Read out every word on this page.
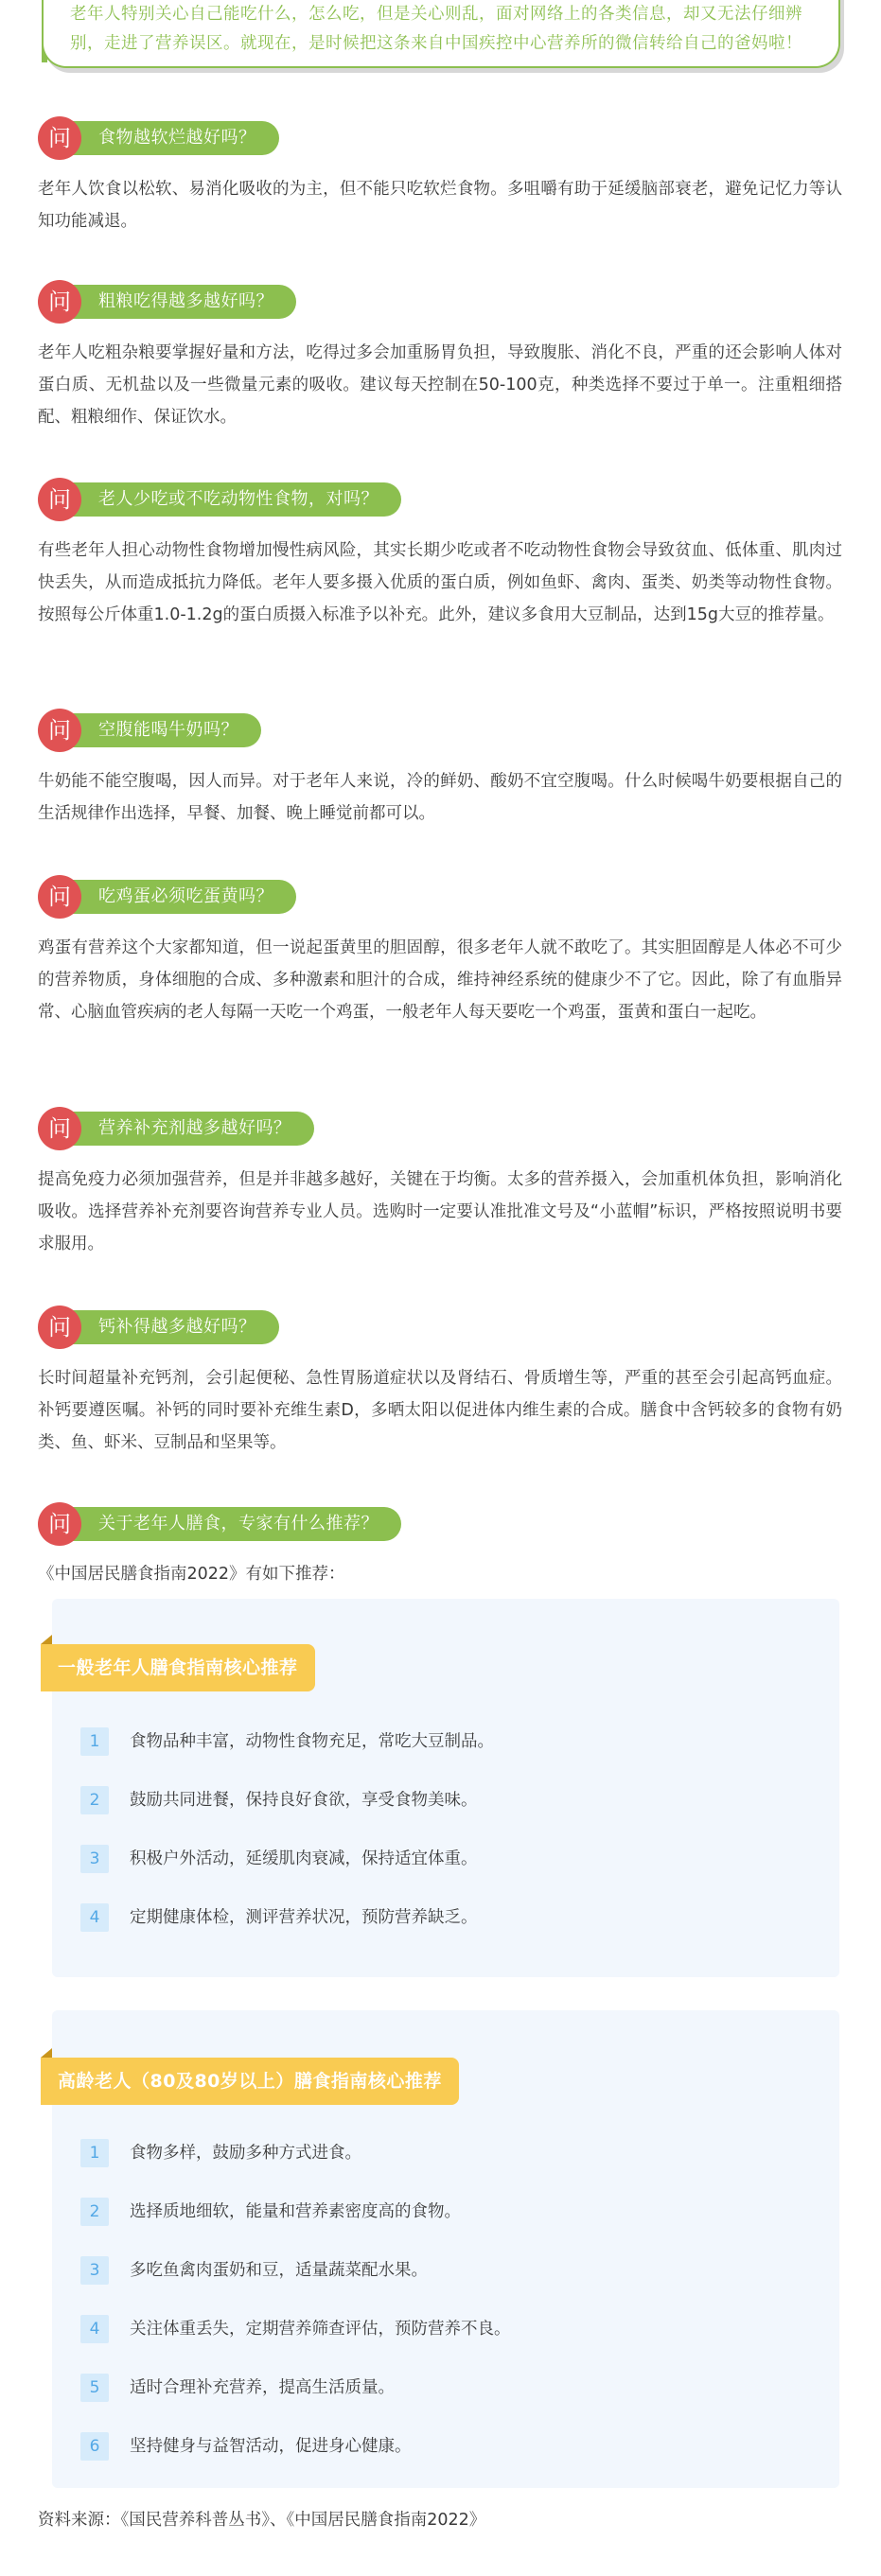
老年人特别关心自己能吃什么，怎么吃，但是关心则乱，面对网络上的各类信息，却又无法仔细辨别，走进了营养误区。就现在，是时候把这条来自中国疾控中心营养所的微信转给自己的爸妈啦！

问	食物越软烂越好吗？

老年人饮食以松软、易消化吸收的为主，但不能只吃软烂食物。多咀嚼有助于延缓脑部衰老，避免记忆力等认知功能减退。

问	粗粮吃得越多越好吗？

老年人吃粗杂粮要掌握好量和方法，吃得过多会加重肠胃负担，导致腹胀、消化不良，严重的还会影响人体对蛋白质、无机盐以及一些微量元素的吸收。建议每天控制在50-100克，种类选择不要过于单一。注重粗细搭配、粗粮细作、保证饮水。

问	老人少吃或不吃动物性食物，对吗？

有些老年人担心动物性食物增加慢性病风险，其实长期少吃或者不吃动物性食物会导致贫血、低体重、肌肉过快丢失，从而造成抵抗力降低。老年人要多摄入优质的蛋白质，例如鱼虾、禽肉、蛋类、奶类等动物性食物。按照每公斤体重1.0-1.2g的蛋白质摄入标准予以补充。此外，建议多食用大豆制品，达到15g大豆的推荐量。

问	空腹能喝牛奶吗？

牛奶能不能空腹喝，因人而异。对于老年人来说，冷的鲜奶、酸奶不宜空腹喝。什么时候喝牛奶要根据自己的生活规律作出选择，早餐、加餐、晚上睡觉前都可以。

问	吃鸡蛋必须吃蛋黄吗？

鸡蛋有营养这个大家都知道，但一说起蛋黄里的胆固醇，很多老年人就不敢吃了。其实胆固醇是人体必不可少的营养物质，身体细胞的合成、多种激素和胆汁的合成，维持神经系统的健康少不了它。因此，除了有血脂异常、心脑血管疾病的老人每隔一天吃一个鸡蛋，一般老年人每天要吃一个鸡蛋，蛋黄和蛋白一起吃。

问	营养补充剂越多越好吗？

提高免疫力必须加强营养，但是并非越多越好，关键在于均衡。太多的营养摄入，会加重机体负担，影响消化吸收。选择营养补充剂要咨询营养专业人员。选购时一定要认准批准文号及“小蓝帽”标识，严格按照说明书要求服用。

问	钙补得越多越好吗？

长时间超量补充钙剂，会引起便秘、急性胃肠道症状以及肾结石、骨质增生等，严重的甚至会引起高钙血症。补钙要遵医嘱。补钙的同时要补充维生素D，多晒太阳以促进体内维生素的合成。膳食中含钙较多的食物有奶类、鱼、虾米、豆制品和坚果等。

问	关于老年人膳食，专家有什么推荐？
《中国居民膳食指南2022》有如下推荐：
一般老年人膳食指南核心推荐
1	食物品种丰富，动物性食物充足，常吃大豆制品。
2	鼓励共同进餐，保持良好食欲，享受食物美味。
3	积极户外活动，延缓肌肉衰减，保持适宜体重。
4	定期健康体检，测评营养状况，预防营养缺乏。
高龄老人（80及80岁以上）膳食指南核心推荐
1	食物多样，鼓励多种方式进食。
2	选择质地细软，能量和营养素密度高的食物。
3	多吃鱼禽肉蛋奶和豆，适量蔬菜配水果。
4	关注体重丢失，定期营养筛查评估，预防营养不良。
5	适时合理补充营养，提高生活质量。
6	坚持健身与益智活动，促进身心健康。
资料来源：《国民营养科普丛书》、《中国居民膳食指南2022》
